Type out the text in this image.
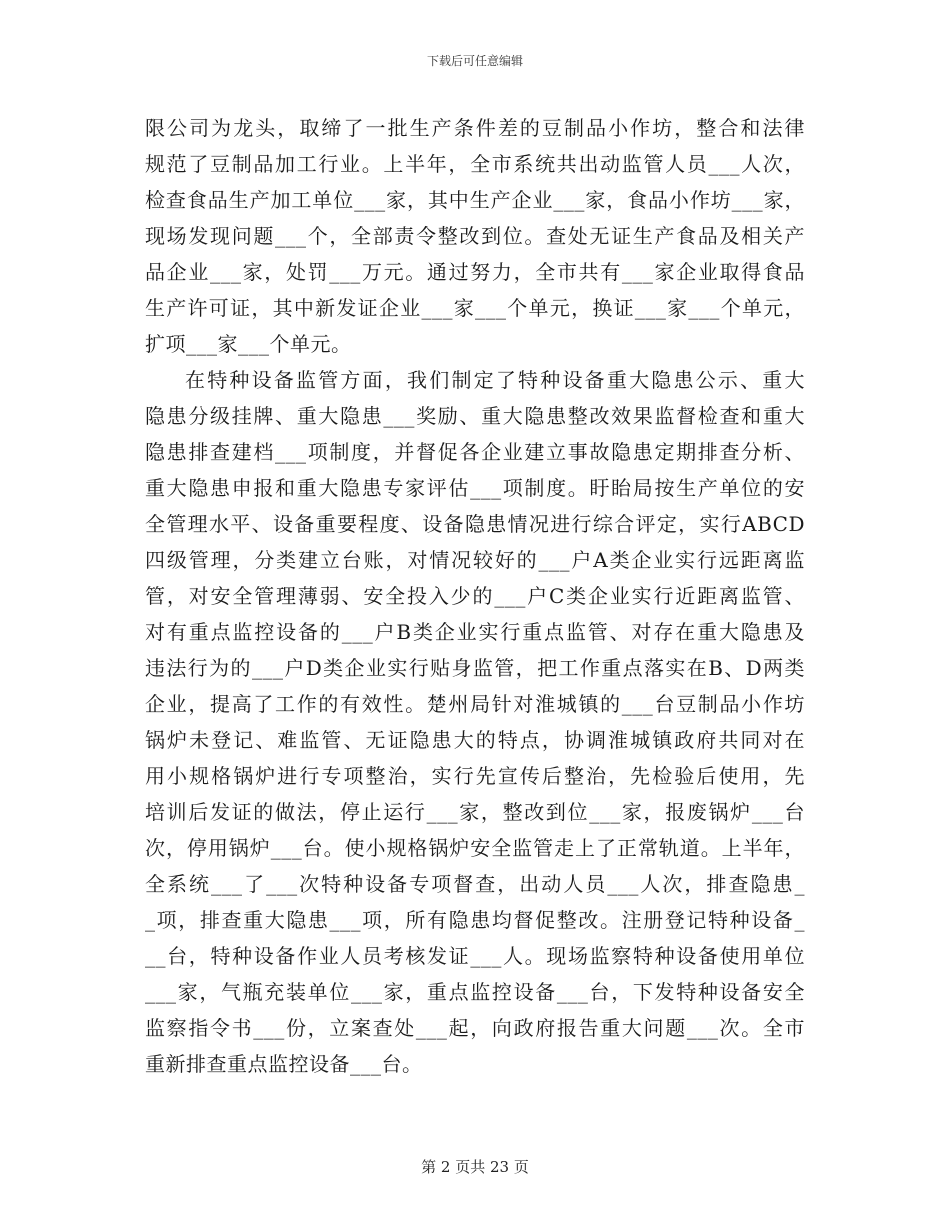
下载后可任意编辑
限公司为龙头，取缔了一批生产条件差的豆制品小作坊，整合和法律
规范了豆制品加工行业。上半年，全市系统共出动监管人员___人次，
检查食品生产加工单位___家，其中生产企业___家，食品小作坊___家，
现场发现问题___个，全部责令整改到位。查处无证生产食品及相关产
品企业___家，处罚___万元。通过努力，全市共有___家企业取得食品
生产许可证，其中新发证企业___家___个单元，换证___家___个单元，
扩项___家___个单元。
在特种设备监管方面，我们制定了特种设备重大隐患公示、重大
隐患分级挂牌、重大隐患___奖励、重大隐患整改效果监督检查和重大
隐患排查建档___项制度，并督促各企业建立事故隐患定期排查分析、
重大隐患申报和重大隐患专家评估___项制度。盱眙局按生产单位的安
全管理水平、设备重要程度、设备隐患情况进行综合评定，实行ABCD
四级管理，分类建立台账，对情况较好的___户A类企业实行远距离监
管，对安全管理薄弱、安全投入少的___户C类企业实行近距离监管、
对有重点监控设备的___户B类企业实行重点监管、对存在重大隐患及
违法行为的___户D类企业实行贴身监管，把工作重点落实在B、D两类
企业，提高了工作的有效性。楚州局针对淮城镇的___台豆制品小作坊
锅炉未登记、难监管、无证隐患大的特点，协调淮城镇政府共同对在
用小规格锅炉进行专项整治，实行先宣传后整治，先检验后使用，先
培训后发证的做法，停止运行___家，整改到位___家，报废锅炉___台
次，停用锅炉___台。使小规格锅炉安全监管走上了正常轨道。上半年，
全系统___了___次特种设备专项督查，出动人员___人次，排查隐患_
_项，排查重大隐患___项，所有隐患均督促整改。注册登记特种设备_
__台，特种设备作业人员考核发证___人。现场监察特种设备使用单位
___家，气瓶充装单位___家，重点监控设备___台，下发特种设备安全
监察指令书___份，立案查处___起，向政府报告重大问题___次。全市
重新排查重点监控设备___台。
第 2 页共 23 页
